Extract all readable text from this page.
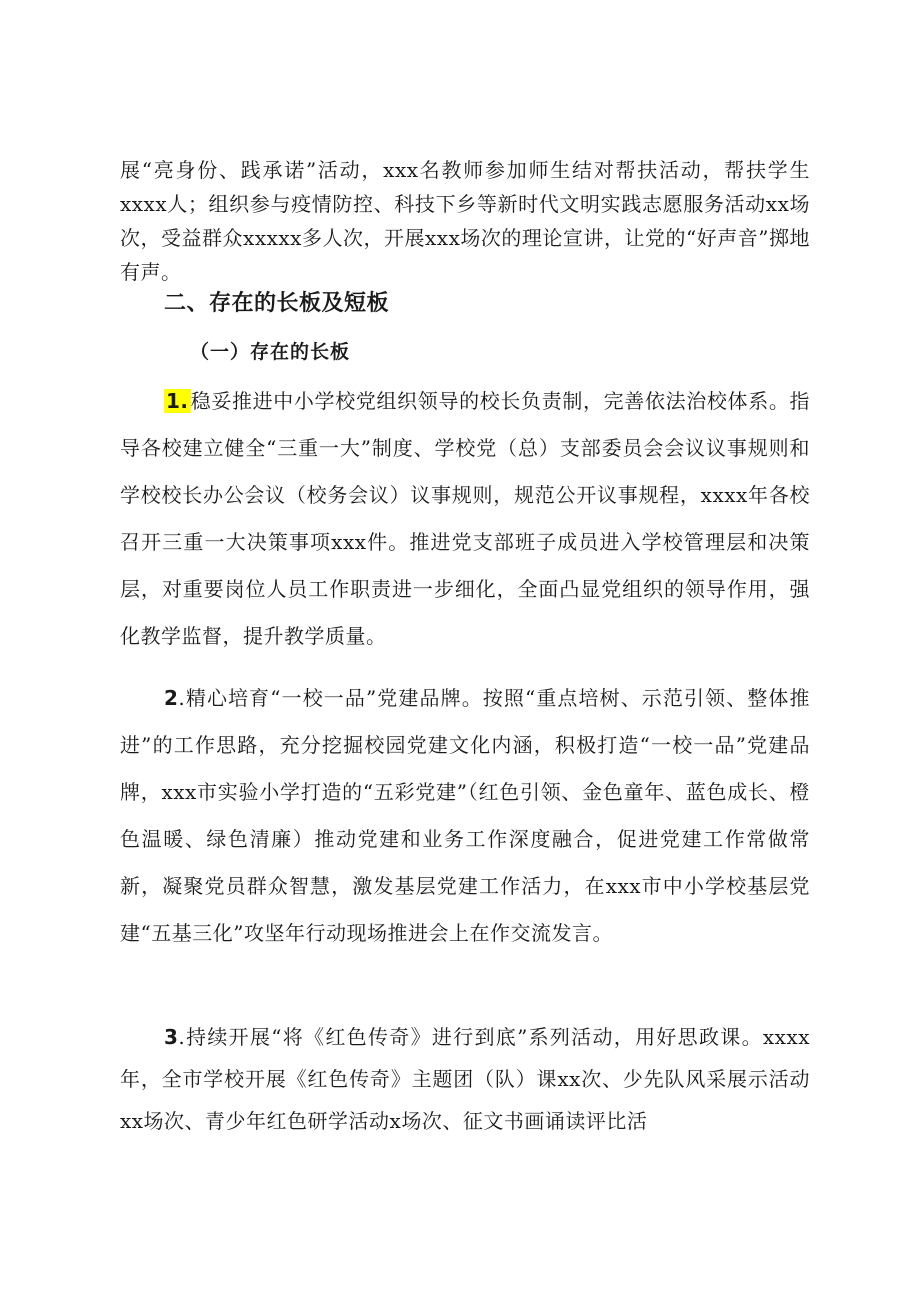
展“亮身份、践承诺”活动，xxx名教师参加师生结对帮扶活动，帮扶学生xxxx人；组织参与疫情防控、科技下乡等新时代文明实践志愿服务活动xx场次，受益群众xxxxx多人次，开展xxx场次的理论宣讲，让党的“好声音”掷地有声。

二、存在的长板及短板
（一）存在的长板

1. 稳妥推进中小学校党组织领导的校长负责制，完善依法治校体系。指导各校建立健全“三重一大”制度、学校党（总）支部委员会会议议事规则和学校校长办公会议（校务会议）议事规则，规范公开议事规程，xxxx年各校召开三重一大决策事项xxx件。推进党支部班子成员进入学校管理层和决策层，对重要岗位人员工作职责进一步细化，全面凸显党组织的领导作用，强化教学监督，提升教学质量。

2.精心培育“一校一品”党建品牌。按照“重点培树、示范引领、整体推进”的工作思路，充分挖掘校园党建文化内涵，积极打造“一校一品”党建品牌，xxx市实验小学打造的“五彩党建”（红色引领、金色童年、蓝色成长、橙色温暖、绿色清廉）推动党建和业务工作深度融合，促进党建工作常做常新，凝聚党员群众智慧，激发基层党建工作活力，在xxx市中小学校基层党建“五基三化”攻坚年行动现场推进会上在作交流发言。

3.持续开展“将《红色传奇》进行到底”系列活动，用好思政课。xxxx年，全市学校开展《红色传奇》主题团（队）课xx次、少先队风采展示活动xx场次、青少年红色研学活动x场次、征文书画诵读评比活
